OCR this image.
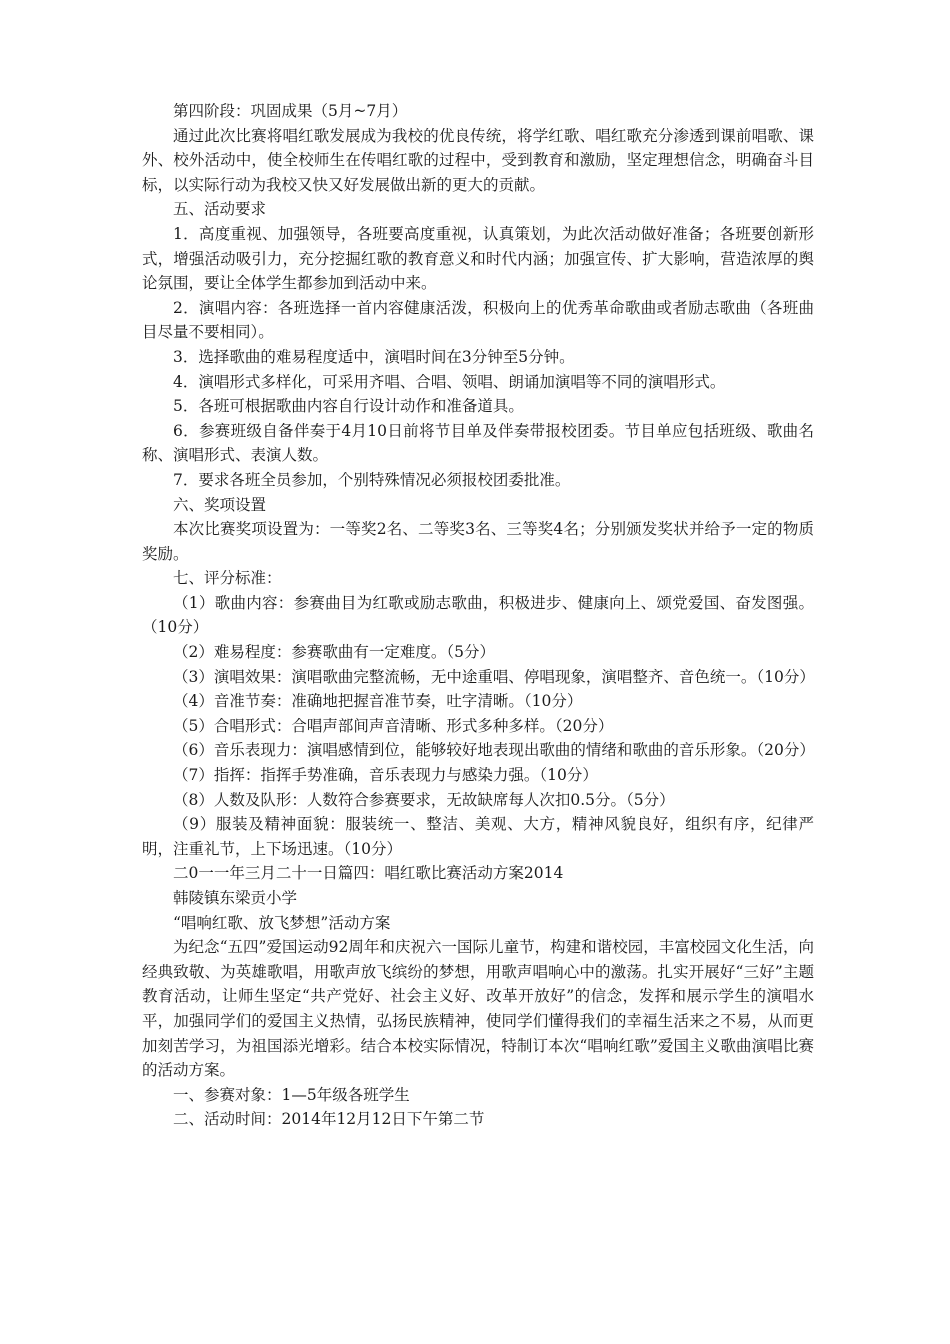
第四阶段：巩固成果（5月~7月）

通过此次比赛将唱红歌发展成为我校的优良传统，将学红歌、唱红歌充分渗透到课前唱歌、课外、校外活动中，使全校师生在传唱红歌的过程中，受到教育和激励，坚定理想信念，明确奋斗目标，以实际行动为我校又快又好发展做出新的更大的贡献。

五、活动要求

1．高度重视、加强领导，各班要高度重视，认真策划，为此次活动做好准备；各班要创新形式，增强活动吸引力，充分挖掘红歌的教育意义和时代内涵；加强宣传、扩大影响，营造浓厚的舆论氛围，要让全体学生都参加到活动中来。

2．演唱内容：各班选择一首内容健康活泼，积极向上的优秀革命歌曲或者励志歌曲（各班曲目尽量不要相同）。

3．选择歌曲的难易程度适中，演唱时间在3分钟至5分钟。

4．演唱形式多样化，可采用齐唱、合唱、领唱、朗诵加演唱等不同的演唱形式。

5．各班可根据歌曲内容自行设计动作和准备道具。

6．参赛班级自备伴奏于4月10日前将节目单及伴奏带报校团委。节目单应包括班级、歌曲名称、演唱形式、表演人数。

7．要求各班全员参加，个别特殊情况必须报校团委批准。

六、奖项设置

本次比赛奖项设置为：一等奖2名、二等奖3名、三等奖4名；分别颁发奖状并给予一定的物质奖励。

七、评分标准：

（1）歌曲内容：参赛曲目为红歌或励志歌曲，积极进步、健康向上、颂党爱国、奋发图强。（10分）

（2）难易程度：参赛歌曲有一定难度。（5分）

（3）演唱效果：演唱歌曲完整流畅，无中途重唱、停唱现象，演唱整齐、音色统一。（10分）

（4）音准节奏：准确地把握音准节奏，吐字清晰。（10分）

（5）合唱形式：合唱声部间声音清晰、形式多种多样。（20分）

（6）音乐表现力：演唱感情到位，能够较好地表现出歌曲的情绪和歌曲的音乐形象。（20分）

（7）指挥：指挥手势准确，音乐表现力与感染力强。（10分）

（8）人数及队形：人数符合参赛要求，无故缺席每人次扣0.5分。（5分）

（9）服装及精神面貌：服装统一、整洁、美观、大方，精神风貌良好，组织有序，纪律严明，注重礼节，上下场迅速。（10分）

二0一一年三月二十一日篇四：唱红歌比赛活动方案2014

韩陵镇东梁贡小学

“唱响红歌、放飞梦想”活动方案

为纪念“五四”爱国运动92周年和庆祝六一国际儿童节，构建和谐校园，丰富校园文化生活，向经典致敬、为英雄歌唱，用歌声放飞缤纷的梦想，用歌声唱响心中的激荡。扎实开展好“三好”主题教育活动，让师生坚定“共产党好、社会主义好、改革开放好”的信念，发挥和展示学生的演唱水平，加强同学们的爱国主义热情，弘扬民族精神，使同学们懂得我们的幸福生活来之不易，从而更加刻苦学习，为祖国添光增彩。结合本校实际情况，特制订本次“唱响红歌”爱国主义歌曲演唱比赛的活动方案。

一、参赛对象：1—5年级各班学生

二、活动时间：2014年12月12日下午第二节
